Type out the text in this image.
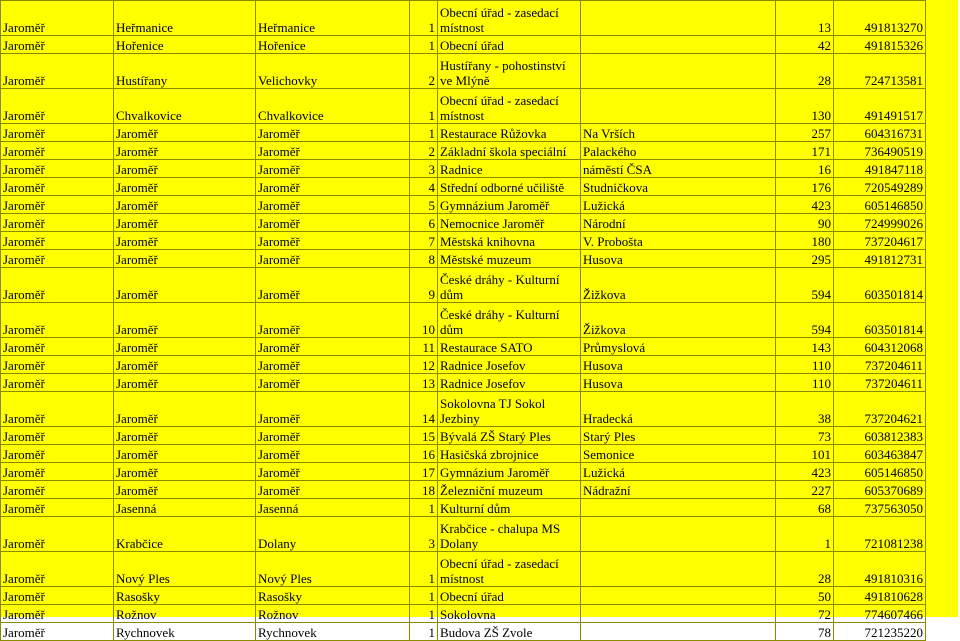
Jaroměř	Heřmanice	Heřmanice	1	Obecní úřad - zasedací místnost		13	491813270
Jaroměř	Hořenice	Hořenice	1	Obecní úřad		42	491815326
Jaroměř	Hustířany	Velichovky	2	Hustířany - pohostinství ve Mlýně		28	724713581
Jaroměř	Chvalkovice	Chvalkovice	1	Obecní úřad - zasedací místnost		130	491491517
Jaroměř	Jaroměř	Jaroměř	1	Restaurace Růžovka	Na Vrších	257	604316731
Jaroměř	Jaroměř	Jaroměř	2	Základní škola speciální	Palackého	171	736490519
Jaroměř	Jaroměř	Jaroměř	3	Radnice	náměstí ČSA	16	491847118
Jaroměř	Jaroměř	Jaroměř	4	Střední odborné učiliště	Studničkova	176	720549289
Jaroměř	Jaroměř	Jaroměř	5	Gymnázium Jaroměř	Lužická	423	605146850
Jaroměř	Jaroměř	Jaroměř	6	Nemocnice Jaroměř	Národní	90	724999026
Jaroměř	Jaroměř	Jaroměř	7	Městská knihovna	V. Proboštа	180	737204617
Jaroměř	Jaroměř	Jaroměř	8	Městské muzeum	Husova	295	491812731
Jaroměř	Jaroměř	Jaroměř	9	České dráhy - Kulturní dům	Žižkova	594	603501814
Jaroměř	Jaroměř	Jaroměř	10	České dráhy - Kulturní dům	Žižkova	594	603501814
Jaroměř	Jaroměř	Jaroměř	11	Restaurace SATO	Průmyslová	143	604312068
Jaroměř	Jaroměř	Jaroměř	12	Radnice Josefov	Husova	110	737204611
Jaroměř	Jaroměř	Jaroměř	13	Radnice Josefov	Husova	110	737204611
Jaroměř	Jaroměř	Jaroměř	14	Sokolovna TJ Sokol Jezbiny	Hradecká	38	737204621
Jaroměř	Jaroměř	Jaroměř	15	Bývalá ZŠ Starý Ples	Starý Ples	73	603812383
Jaroměř	Jaroměř	Jaroměř	16	Hasičská zbrojnice	Semonice	101	603463847
Jaroměř	Jaroměř	Jaroměř	17	Gymnázium Jaroměř	Lužická	423	605146850
Jaroměř	Jaroměř	Jaroměř	18	Železniční muzeum	Nádražní	227	605370689
Jaroměř	Jasenná	Jasenná	1	Kulturní dům		68	737563050
Jaroměř	Krabčice	Dolany	3	Krabčice - chalupa MS Dolany		1	721081238
Jaroměř	Nový Ples	Nový Ples	1	Obecní úřad - zasedací místnost		28	491810316
Jaroměř	Rasošky	Rasošky	1	Obecní úřad		50	491810628
Jaroměř	Rožnov	Rožnov	1	Sokolovna		72	774607466
Jaroměř	Rychnovek	Rychnovek	1	Budova ZŠ Zvole		78	721235220
